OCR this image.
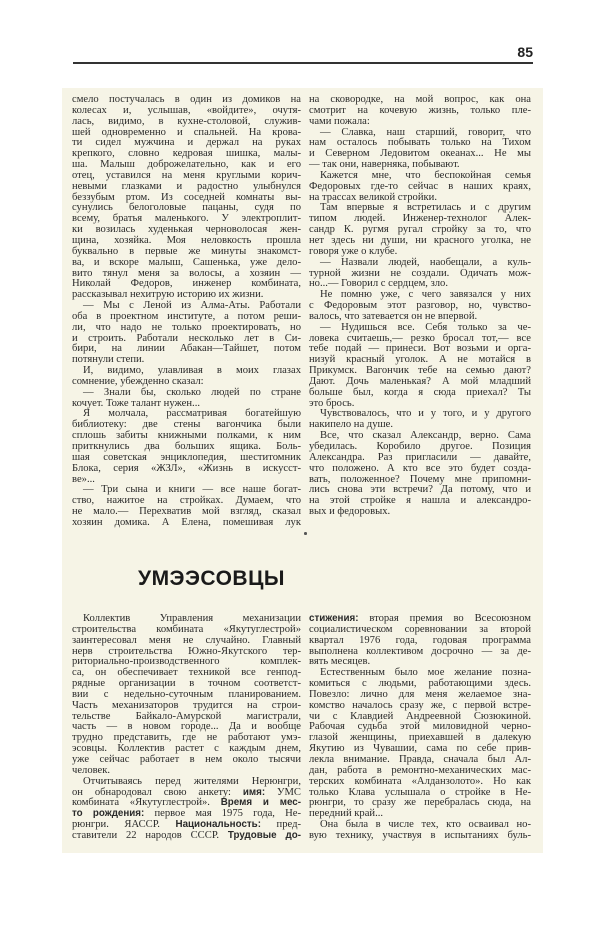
85
смело постучалась в один из домиков на
колесах и, услышав, «войдите», очутя-
лась, видимо, в кухне-столовой, служив-
шей одновременно и спальней. На крова-
ти сидел мужчина и держал на руках
крепкого, словно кедровая шишка, малы-
ша. Малыш доброжелательно, как и его
отец, уставился на меня круглыми корич-
невыми глазками и радостно улыбнулся
беззубым ртом. Из соседней комнаты вы-
сунулись белоголовые пацаны, судя по
всему, братья маленького. У электроплит-
ки возилась худенькая черноволосая жен-
щина, хозяйка. Моя неловкость прошла
буквально в первые же минуты знакомст-
ва, и вскоре малыш, Сашенька, уже дело-
вито тянул меня за волосы, а хозяин —
Николай Федоров, инженер комбината,
рассказывал нехитрую историю их жизни.
— Мы с Леной из Алма-Аты. Работали
оба в проектном институте, а потом реши-
ли, что надо не только проектировать, но
и строить. Работали несколько лет в Си-
бири, на линии Абакан—Тайшет, потом
потянули степи.
И, видимо, улавливая в моих глазах
сомнение, убежденно сказал:
— Знали бы, сколько людей по стране
кочует. Тоже талант нужен...
Я молчала, рассматривая богатейшую
библиотеку: две стены вагончика были
сплошь забиты книжными полками, к ним
приткнулись два больших ящика. Боль-
шая советская энциклопедия, шеститомник
Блока, серия «ЖЗЛ», «Жизнь в искусст-
ве»...
— Три сына и книги — все наше богат-
ство, нажитое на стройках. Думаем, что
не мало.— Перехватив мой взгляд, сказал
хозяин домика. А Елена, помешивая лук
на сковородке, на мой вопрос, как она
смотрит на кочевую жизнь, только пле-
чами пожала:
— Славка, наш старший, говорит, что
нам осталось побывать только на Тихом
и Северном Ледовитом океанах... Не мы
— так они, наверняка, побывают.
Кажется мне, что беспокойная семья
Федоровых где-то сейчас в наших краях,
на трассах великой стройки.
Там впервые я встретилась и с другим
типом людей. Инженер-технолог Алек-
сандр К. ругмя ругал стройку за то, что
нет здесь ни души, ни красного уголка, не
говоря уже о клубе.
— Назвали людей, наобещали, а куль-
турной жизни не создали. Одичать мож-
но...— Говорил с сердцем, зло.
Не помню уже, с чего завязался у них
с Федоровым этот разговор, но, чувство-
валось, что затевается он не впервой.
— Нудишься все. Себя только за че-
ловека считаешь,— резко бросал тот,— все
тебе подай — принеси. Вот возьми и орга-
низуй красный уголок. А не мотайся в
Прикумск. Вагончик тебе на семью дают?
Дают. Дочь маленькая? А мой младший
больше был, когда я сюда приехал? Ты
это брось.
Чувствовалось, что и у того, и у другого
накипело на душе.
Все, что сказал Александр, верно. Сама
убедилась. Коробило другое. Позиция
Александра. Раз пригласили — давайте,
что положено. А кто все это будет созда-
вать, положенное? Почему мне припомни-
лись снова эти встречи? Да потому, что и
на этой стройке я нашла и александро-
вых и федоровых.
УМЭЭСОВЦЫ
Коллектив Управления механизации
строительства комбината «Якутуглестрой»
заинтересовал меня не случайно. Главный
нерв строительства Южно-Якутского тер-
риториально-производственного комплек-
са, он обеспечивает техникой все генпод-
рядные организации в точном соответст-
вии с недельно-суточным планированием.
Часть механизаторов трудится на строи-
тельстве Байкало-Амурской магистрали,
часть — в новом городе... Да и вообще
трудно представить, где не работают умэ-
эсовцы. Коллектив растет с каждым днем,
уже сейчас работает в нем около тысячи
человек.
Отчитываясь перед жителями Нерюнгри,
он обнародовал свою анкету: имя: УМС
комбината «Якутуглестрой». Время и мес-
то рождения: первое мая 1975 года, Не-
рюнгри. ЯАССР. Национальность: пред-
ставители 22 народов СССР. Трудовые до-
стижения: вторая премия во Всесоюзном
социалистическом соревновании за второй
квартал 1976 года, годовая программа
выполнена коллективом досрочно — за де-
вять месяцев.
Естественным было мое желание позна-
комиться с людьми, работающими здесь.
Повезло: лично для меня желаемое зна-
комство началось сразу же, с первой встре-
чи с Клавдией Андреевной Сюзюкиной.
Рабочая судьба этой миловидной черно-
глазой женщины, приехавшей в далекую
Якутию из Чувашии, сама по себе прив-
лекла внимание. Правда, сначала был Ал-
дан, работа в ремонтно-механических мас-
терских комбината «Алданзолото». Но как
только Клава услышала о стройке в Не-
рюнгри, то сразу же перебралась сюда, на
передний край...
Она была в числе тех, кто осваивал но-
вую технику, участвуя в испытаниях буль-
